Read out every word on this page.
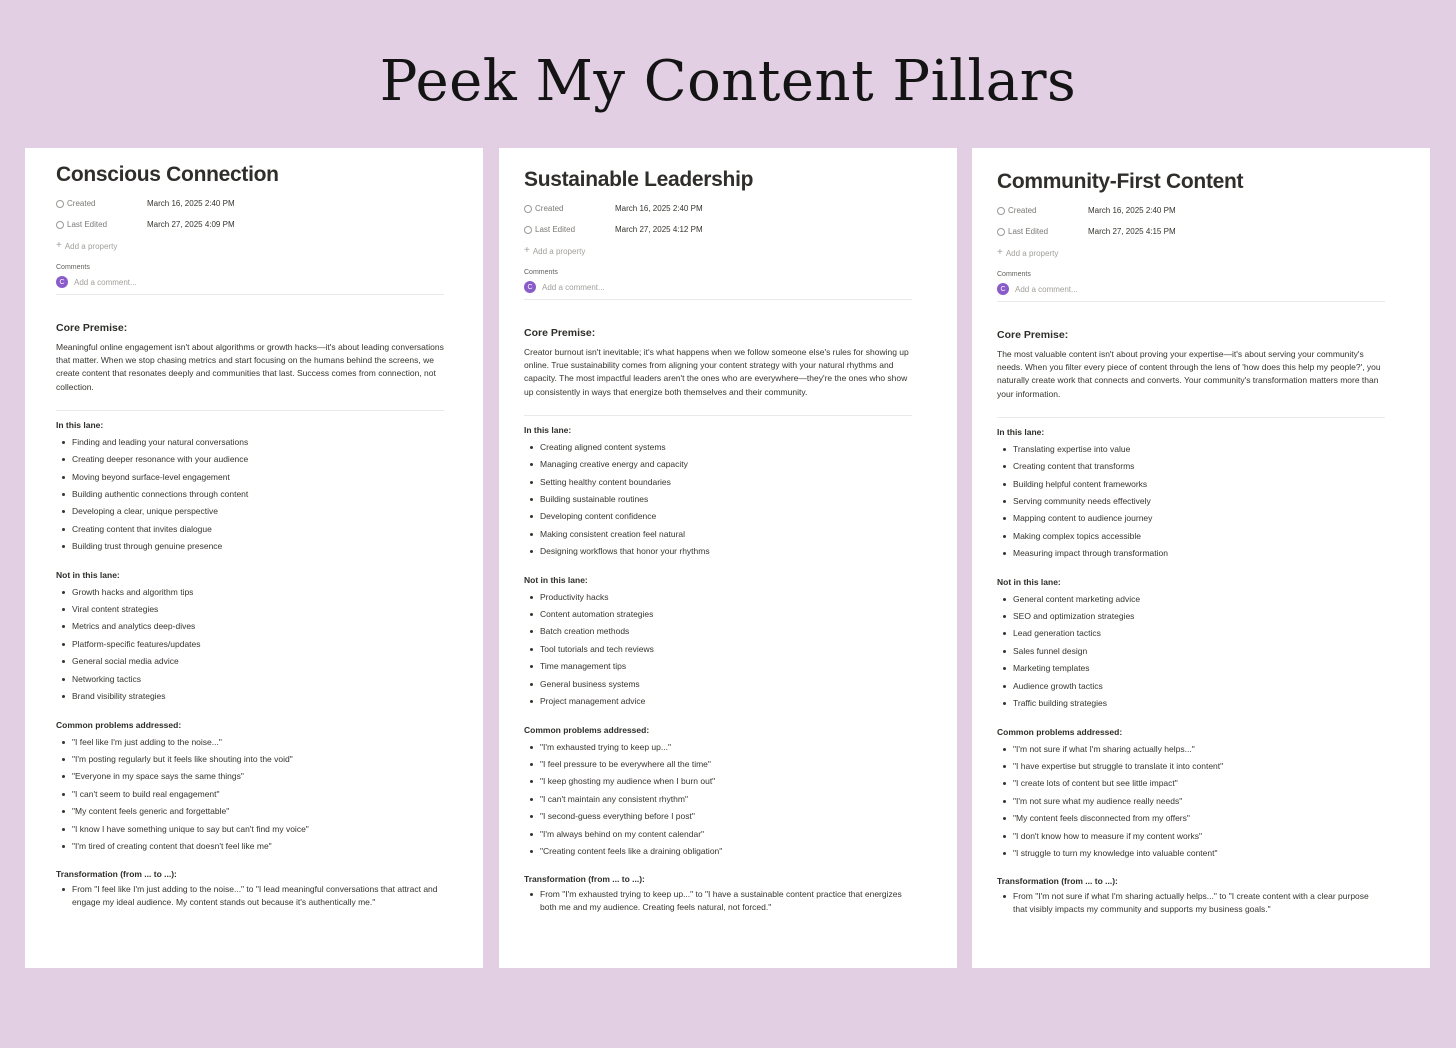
Peek My Content Pillars
Conscious Connection
Created	March 16, 2025 2:40 PM
Last Edited	March 27, 2025 4:09 PM
+ Add a property
Comments
C	Add a comment...
Core Premise:

Meaningful online engagement isn't about algorithms or growth hacks—it's about leading conversations that matter. When we stop chasing metrics and start focusing on the humans behind the screens, we create content that resonates deeply and communities that last. Success comes from connection, not collection.

In this lane:
Finding and leading your natural conversations
Creating deeper resonance with your audience
Moving beyond surface-level engagement
Building authentic connections through content
Developing a clear, unique perspective
Creating content that invites dialogue
Building trust through genuine presence
Not in this lane:
Growth hacks and algorithm tips
Viral content strategies
Metrics and analytics deep-dives
Platform-specific features/updates
General social media advice
Networking tactics
Brand visibility strategies
Common problems addressed:
"I feel like I'm just adding to the noise..."
"I'm posting regularly but it feels like shouting into the void"
"Everyone in my space says the same things"
"I can't seem to build real engagement"
"My content feels generic and forgettable"
"I know I have something unique to say but can't find my voice"
"I'm tired of creating content that doesn't feel like me"
Transformation (from ... to ...):
From "I feel like I'm just adding to the noise..." to "I lead meaningful conversations that attract and engage my ideal audience. My content stands out because it's authentically me."
Sustainable Leadership
Created	March 16, 2025 2:40 PM
Last Edited	March 27, 2025 4:12 PM
+ Add a property
Comments
C	Add a comment...
Core Premise:

Creator burnout isn't inevitable; it's what happens when we follow someone else's rules for showing up online. True sustainability comes from aligning your content strategy with your natural rhythms and capacity. The most impactful leaders aren't the ones who are everywhere—they're the ones who show up consistently in ways that energize both themselves and their community.

In this lane:
Creating aligned content systems
Managing creative energy and capacity
Setting healthy content boundaries
Building sustainable routines
Developing content confidence
Making consistent creation feel natural
Designing workflows that honor your rhythms
Not in this lane:
Productivity hacks
Content automation strategies
Batch creation methods
Tool tutorials and tech reviews
Time management tips
General business systems
Project management advice
Common problems addressed:
"I'm exhausted trying to keep up..."
"I feel pressure to be everywhere all the time"
"I keep ghosting my audience when I burn out"
"I can't maintain any consistent rhythm"
"I second-guess everything before I post"
"I'm always behind on my content calendar"
"Creating content feels like a draining obligation"
Transformation (from ... to ...):
From "I'm exhausted trying to keep up..." to "I have a sustainable content practice that energizes both me and my audience. Creating feels natural, not forced."
Community-First Content
Created	March 16, 2025 2:40 PM
Last Edited	March 27, 2025 4:15 PM
+ Add a property
Comments
C	Add a comment...
Core Premise:

The most valuable content isn't about proving your expertise—it's about serving your community's needs. When you filter every piece of content through the lens of 'how does this help my people?', you naturally create work that connects and converts. Your community's transformation matters more than your information.

In this lane:
Translating expertise into value
Creating content that transforms
Building helpful content frameworks
Serving community needs effectively
Mapping content to audience journey
Making complex topics accessible
Measuring impact through transformation
Not in this lane:
General content marketing advice
SEO and optimization strategies
Lead generation tactics
Sales funnel design
Marketing templates
Audience growth tactics
Traffic building strategies
Common problems addressed:
"I'm not sure if what I'm sharing actually helps..."
"I have expertise but struggle to translate it into content"
"I create lots of content but see little impact"
"I'm not sure what my audience really needs"
"My content feels disconnected from my offers"
"I don't know how to measure if my content works"
"I struggle to turn my knowledge into valuable content"
Transformation (from ... to ...):
From "I'm not sure if what I'm sharing actually helps..." to "I create content with a clear purpose that visibly impacts my community and supports my business goals."
